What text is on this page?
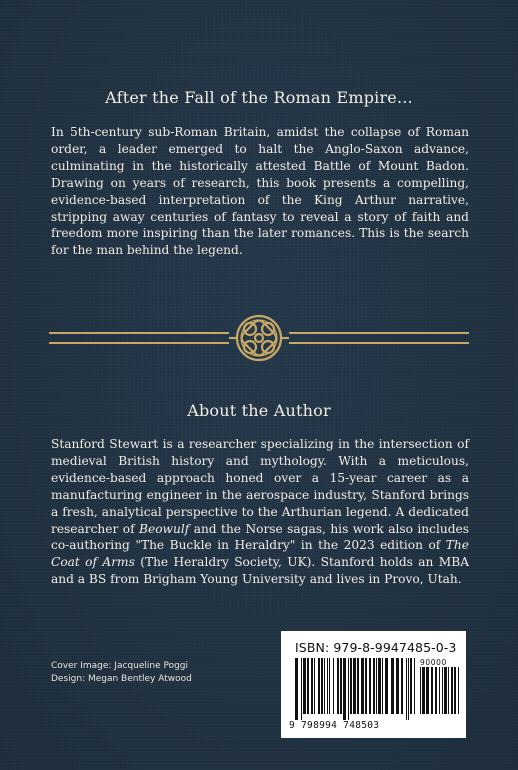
After the Fall of the Roman Empire...
In 5th-century sub-Roman Britain, amidst the collapse of Roman order, a leader emerged to halt the Anglo-Saxon advance, culminating in the historically attested Battle of Mount Badon. Drawing on years of research, this book presents a compelling, evidence-based interpretation of the King Arthur narrative, stripping away centuries of fantasy to reveal a story of faith and freedom more inspiring than the later romances. This is the search for the man behind the legend.
About the Author
Stanford Stewart is a researcher specializing in the intersection of medieval British history and mythology. With a meticulous, evidence-based approach honed over a 15-year career as a manufacturing engineer in the aerospace industry, Stanford brings a fresh, analytical perspective to the Arthurian legend. A dedicated researcher of Beowulf and the Norse sagas, his work also includes co-authoring "The Buckle in Heraldry" in the 2023 edition of The Coat of Arms (The Heraldry Society, UK). Stanford holds an MBA and a BS from Brigham Young University and lives in Provo, Utah.
Cover Image: Jacqueline Poggi
Design: Megan Bentley Atwood
ISBN: 979-8-9947485-0-3
90000
9 798994 748503
